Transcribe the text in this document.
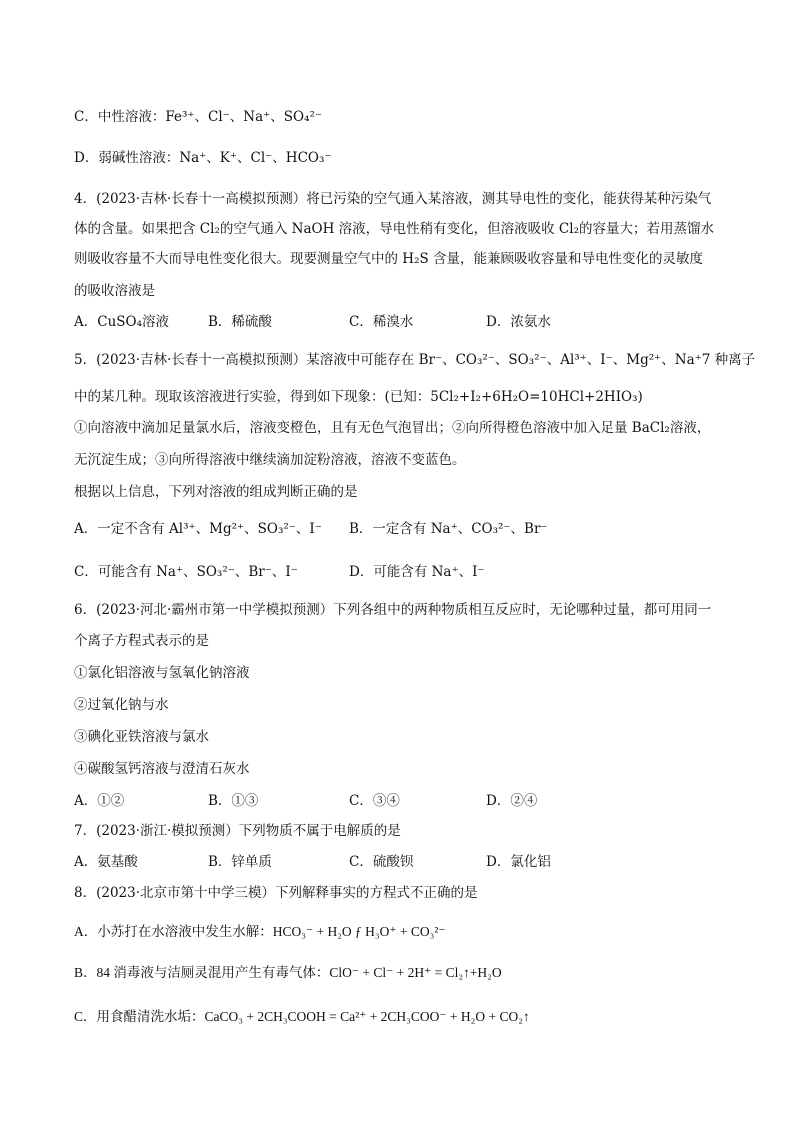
C．中性溶液：Fe³⁺、Cl⁻、Na⁺、SO₄²⁻
D．弱碱性溶液：Na⁺、K⁺、Cl⁻、HCO₃⁻
4．(2023·吉林·长春十一高模拟预测）将已污染的空气通入某溶液，测其导电性的变化，能获得某种污染气
体的含量。如果把含 Cl₂的空气通入 NaOH 溶液，导电性稍有变化，但溶液吸收 Cl₂的容量大；若用蒸馏水
则吸收容量不大而导电性变化很大。现要测量空气中的 H₂S 含量，能兼顾吸收容量和导电性变化的灵敏度
的吸收溶液是
A．CuSO₄溶液	B．稀硫酸	C．稀溴水	D．浓氨水
5．(2023·吉林·长春十一高模拟预测）某溶液中可能存在 Br⁻、CO₃²⁻、SO₃²⁻、Al³⁺、I⁻、Mg²⁺、Na⁺7 种离子
中的某几种。现取该溶液进行实验，得到如下现象：(已知：5Cl₂+I₂+6H₂O=10HCl+2HIO₃)
①向溶液中滴加足量氯水后，溶液变橙色，且有无色气泡冒出；②向所得橙色溶液中加入足量 BaCl₂溶液，
无沉淀生成；③向所得溶液中继续滴加淀粉溶液，溶液不变蓝色。
根据以上信息，下列对溶液的组成判断正确的是
A．一定不含有 Al³⁺、Mg²⁺、SO₃²⁻、I⁻ B．一定含有 Na⁺、CO₃²⁻、Br⁻
C．可能含有 Na⁺、SO₃²⁻、Br⁻、I⁻	D．可能含有 Na⁺、I⁻
6．(2023·河北·霸州市第一中学模拟预测）下列各组中的两种物质相互反应时，无论哪种过量，都可用同一
个离子方程式表示的是
①氯化铝溶液与氢氧化钠溶液
②过氧化钠与水
③碘化亚铁溶液与氯水
④碳酸氢钙溶液与澄清石灰水
A．①②	B．①③	C．③④	D．②④
7．(2023·浙江·模拟预测）下列物质不属于电解质的是
A．氨基酸	B．锌单质	C．硫酸钡	D．氯化铝
8．(2023·北京市第十中学三模）下列解释事实的方程式不正确的是
A．小苏打在水溶液中发生水解：HCO₃⁻ + H₂O ƒ H₃O⁺ + CO₃²⁻
B．84 消毒液与洁厕灵混用产生有毒气体：ClO⁻ + Cl⁻ + 2H⁺ = Cl₂↑+H₂O
C．用食醋清洗水垢：CaCO₃ + 2CH₃COOH = Ca²⁺ + 2CH₃COO⁻ + H₂O + CO₂↑
